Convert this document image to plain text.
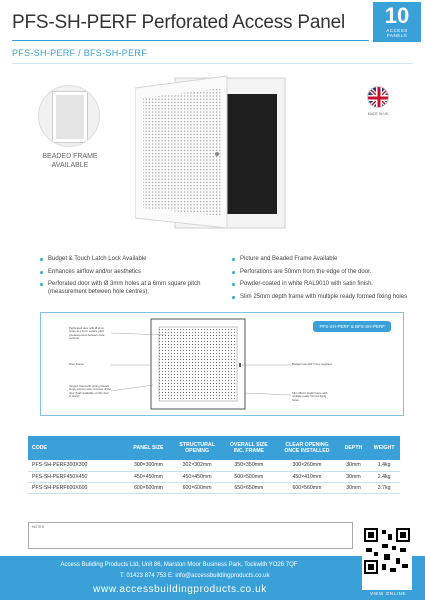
PFS-SH-PERF Perforated Access Panel	10
ACCESS
PANELS
PFS-SH-PERF / BFS-SH-PERF
BEADED FRAME AVAILABLE
MADE IN UK
Budget & Touch Latch Lock Available
Enhances airflow and/or aesthetics
Perforated door with Ø 3mm holes at a 6mm square pitch (measurement between hole centres).
Picture and Beaded Frame Available
Perforations are 50mm from the edge of the door.
Powder-coated in white RAL9010 with satin finish.
Slim 25mm depth frame with multiple ready formed fixing holes
PFS-SH-PERF & BFS-SH-PERF
Perforated door with Ø 3mm holes at a 6mm square pitch (measurement between hole centres)
Door Frame
Hinged, fitted with spring loaded hinge pins for easy removal of the door (both available on this door in stock)
Budget lock with T-Key supplied
Slim 25mm depth frame with multiple ready formed fixing holes
CODE	PANEL SIZE	STRUCTURAL OPENING	OVERALL SIZE INC. FRAME	CLEAR OPENING ONCE INSTALLED	DEPTH	WEIGHT
PFS-SH-PERF300X300	300×300mm	302×302mm	350×350mm	300×260mm	30mm	1.4kg
PFS-SH-PERF450X450	450×450mm	450×450mm	500×500mm	450×410mm	30mm	2.4kg
PFS-SH-PERF600X600	600×600mm	600×600mm	650×650mm	600×560mm	30mm	3.7kg
NOTES
Access Building Products Ltd, Unit 86, Marston Moor Business Park, Tockwith YO26 7QF
T: 01423 874 753 E: info@accessbuildingproducts.co.uk
www.accessbuildingproducts.co.uk	VIEW ONLINE
